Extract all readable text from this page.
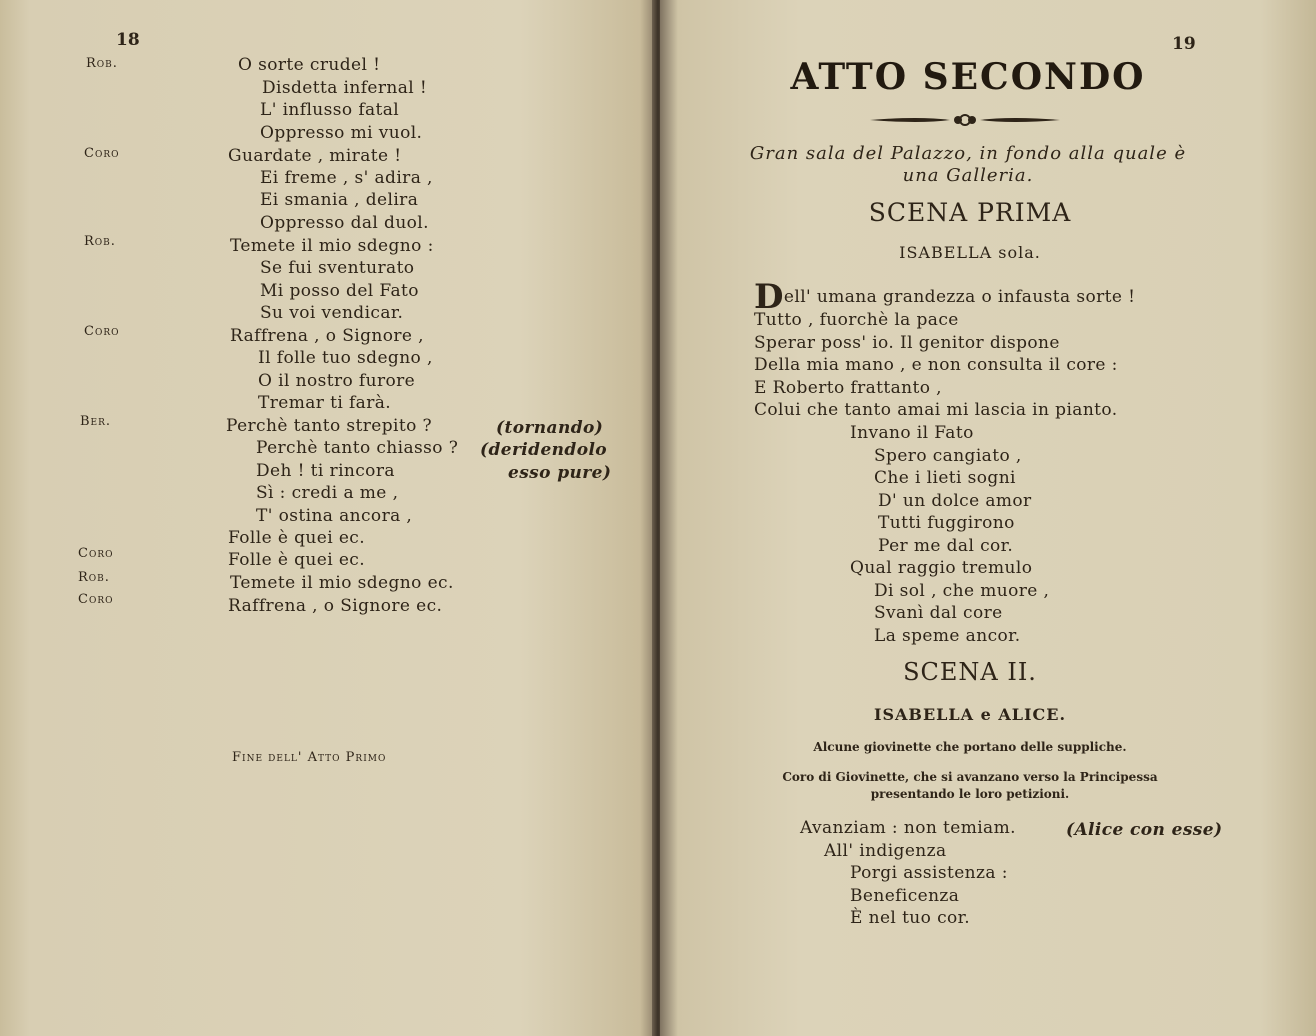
18
Rob.
Coro
Rob.
Coro
Ber.
Coro
Rob.
Coro
O sorte crudel !
Disdetta infernal !
L' influsso fatal
Oppresso mi vuol.
Guardate , mirate !
Ei freme , s' adira ,
Ei smania , delira
Oppresso dal duol.
Temete il mio sdegno :
Se fui sventurato
Mi posso del Fato
Su voi vendicar.
Raffrena , o Signore ,
Il folle tuo sdegno ,
O il nostro furore
Tremar ti farà.
Perchè tanto strepito ?
Perchè tanto chiasso ?
Deh ! ti rincora
Sì : credi a me ,
T' ostina ancora ,
Folle è quei ec.
Folle è quei ec.
Temete il mio sdegno ec.
Raffrena , o Signore ec.
(tornando)
(deridendolo
esso pure)
Fine dell' Atto Primo
19
ATTO SECONDO
Gran sala del Palazzo, in fondo alla quale è
una Galleria.
SCENA PRIMA
ISABELLA sola.
Dell' umana grandezza o infausta sorte !
Tutto , fuorchè la pace
Sperar poss' io. Il genitor dispone
Della mia mano , e non consulta il core :
E Roberto frattanto ,
Colui che tanto amai mi lascia in pianto.
Invano il Fato
Spero cangiato ,
Che i lieti sogni
D' un dolce amor
Tutti fuggirono
Per me dal cor.
Qual raggio tremulo
Di sol , che muore ,
Svanì dal core
La speme ancor.
SCENA II.
ISABELLA e ALICE.
Alcune giovinette che portano delle suppliche.
Coro di Giovinette, che si avanzano verso la Principessa
presentando le loro petizioni.
Avanziam : non temiam.	(Alice con esse)
All' indigenza
Porgi assistenza :
Beneficenza
È nel tuo cor.
